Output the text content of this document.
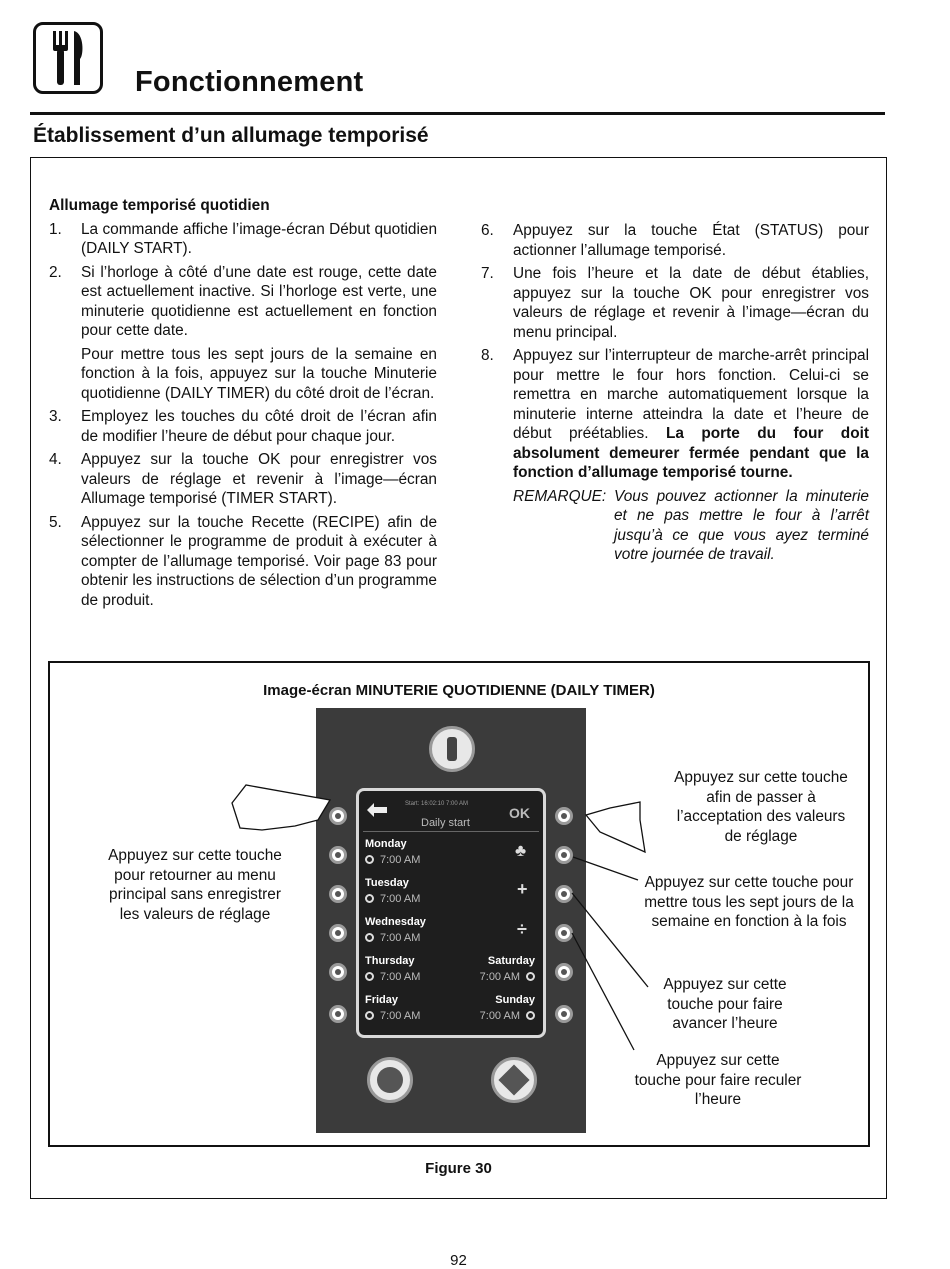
Fonctionnement
Établissement d’un allumage temporisé
Allumage temporisé quotidien
1.	La commande affiche l’image-écran Début quotidien (DAILY START).
2.	Si l’horloge à côté d’une date est rouge, cette date est actuellement inactive. Si l’horloge est verte, une minuterie quotidienne est actuellement en fonction pour cette date.
Pour mettre tous les sept jours de la semaine en fonction à la fois, appuyez sur la touche Minuterie quotidienne (DAILY TIMER) du côté droit de l’écran.
3.	Employez les touches du côté droit de l’écran afin de modifier l’heure de début pour chaque jour.
4.	Appuyez sur la touche OK pour enregistrer vos valeurs de réglage et revenir à l’image—écran Allumage temporisé (TIMER START).
5.	Appuyez sur la touche Recette (RECIPE) afin de sélectionner le programme de produit à exécuter à compter de l’allumage temporisé. Voir page 83 pour obtenir les instructions de sélection d’un programme de produit.
6.	Appuyez sur la touche État (STATUS) pour actionner l’allumage temporisé.
7.	Une fois l’heure et la date de début établies, appuyez sur la touche OK pour enregistrer vos valeurs de réglage et revenir à l’image—écran du menu principal.
8.	Appuyez sur l’interrupteur de marche-arrêt principal pour mettre le four hors fonction. Celui-ci se remettra en marche automatiquement lorsque la minuterie interne atteindra la date et l’heure de début préétablies. La porte du four doit absolument demeurer fermée pendant que la fonction d’allumage temporisé tourne.
REMARQUE: Vous pouvez actionner la minuterie et ne pas mettre le four à l’arrêt jusqu’à ce que vous ayez terminé votre journée de travail.
Image-écran MINUTERIE QUOTIDIENNE (DAILY TIMER)
Start: 16:02:10 7:00 AM
Daily start
OK
Monday
7:00 AM	♣
Tuesday
7:00 AM	+
Wednesday
7:00 AM	÷
Thursday
7:00 AM
Saturday
7:00 AM
Friday
7:00 AM
Sunday
7:00 AM
Appuyez sur cette touche pour retourner au menu principal sans enregistrer les valeurs de réglage
Appuyez sur cette touche afin de passer à l’acceptation des valeurs de réglage
Appuyez sur cette touche pour mettre tous les sept jours de la semaine en fonction à la fois
Appuyez sur cette touche pour faire avancer l’heure
Appuyez sur cette touche pour faire reculer l’heure
Figure 30
92
